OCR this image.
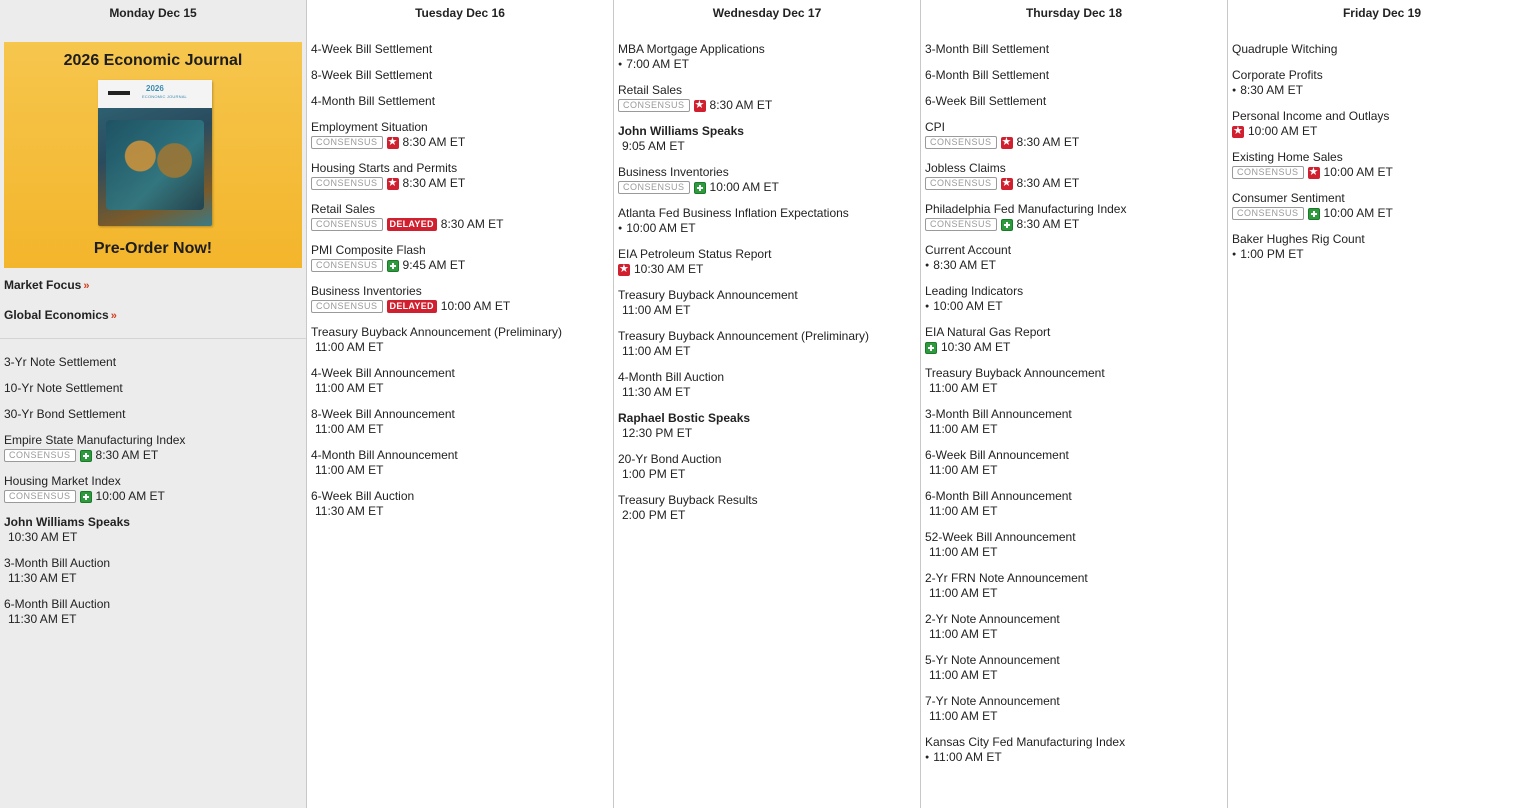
Monday Dec 15
2026 Economic Journal
2026
ECONOMIC JOURNAL
Pre-Order Now!
Market Focus »
Global Economics »
3-Yr Note Settlement
10-Yr Note Settlement
30-Yr Bond Settlement
Empire State Manufacturing Index
CONSENSUS	8:30 AM ET
Housing Market Index
CONSENSUS	10:00 AM ET
John Williams Speaks
10:30 AM ET
3-Month Bill Auction
11:30 AM ET
6-Month Bill Auction
11:30 AM ET
Tuesday Dec 16
4-Week Bill Settlement
8-Week Bill Settlement
4-Month Bill Settlement
Employment Situation
CONSENSUS ★	8:30 AM ET
Housing Starts and Permits
CONSENSUS ★	8:30 AM ET
Retail Sales
CONSENSUS	DELAYED 8:30 AM ET
PMI Composite Flash
CONSENSUS	9:45 AM ET
Business Inventories
CONSENSUS	DELAYED 10:00 AM ET
Treasury Buyback Announcement (Preliminary)
11:00 AM ET
4-Week Bill Announcement
11:00 AM ET
8-Week Bill Announcement
11:00 AM ET
4-Month Bill Announcement
11:00 AM ET
6-Week Bill Auction
11:30 AM ET
Wednesday Dec 17
MBA Mortgage Applications
● 7:00 AM ET
Retail Sales
CONSENSUS ★	8:30 AM ET
John Williams Speaks
9:05 AM ET
Business Inventories
CONSENSUS	10:00 AM ET
Atlanta Fed Business Inflation Expectations
● 10:00 AM ET
EIA Petroleum Status Report
★
10:30 AM ET
Treasury Buyback Announcement
11:00 AM ET
Treasury Buyback Announcement (Preliminary)
11:00 AM ET
4-Month Bill Auction
11:30 AM ET
Raphael Bostic Speaks
12:30 PM ET
20-Yr Bond Auction
1:00 PM ET
Treasury Buyback Results
2:00 PM ET
Thursday Dec 18
3-Month Bill Settlement
6-Month Bill Settlement
6-Week Bill Settlement
CPI
CONSENSUS ★	8:30 AM ET
Jobless Claims
CONSENSUS ★	8:30 AM ET
Philadelphia Fed Manufacturing Index
CONSENSUS	8:30 AM ET
Current Account
● 8:30 AM ET
Leading Indicators
● 10:00 AM ET
EIA Natural Gas Report
10:30 AM ET
Treasury Buyback Announcement
11:00 AM ET
3-Month Bill Announcement
11:00 AM ET
6-Week Bill Announcement
11:00 AM ET
6-Month Bill Announcement
11:00 AM ET
52-Week Bill Announcement
11:00 AM ET
2-Yr FRN Note Announcement
11:00 AM ET
2-Yr Note Announcement
11:00 AM ET
5-Yr Note Announcement
11:00 AM ET
7-Yr Note Announcement
11:00 AM ET
Kansas City Fed Manufacturing Index
● 11:00 AM ET
Friday Dec 19
Quadruple Witching
Corporate Profits
● 8:30 AM ET
Personal Income and Outlays
★
10:00 AM ET
Existing Home Sales
CONSENSUS ★	10:00 AM ET
Consumer Sentiment
CONSENSUS	10:00 AM ET
Baker Hughes Rig Count
● 1:00 PM ET
